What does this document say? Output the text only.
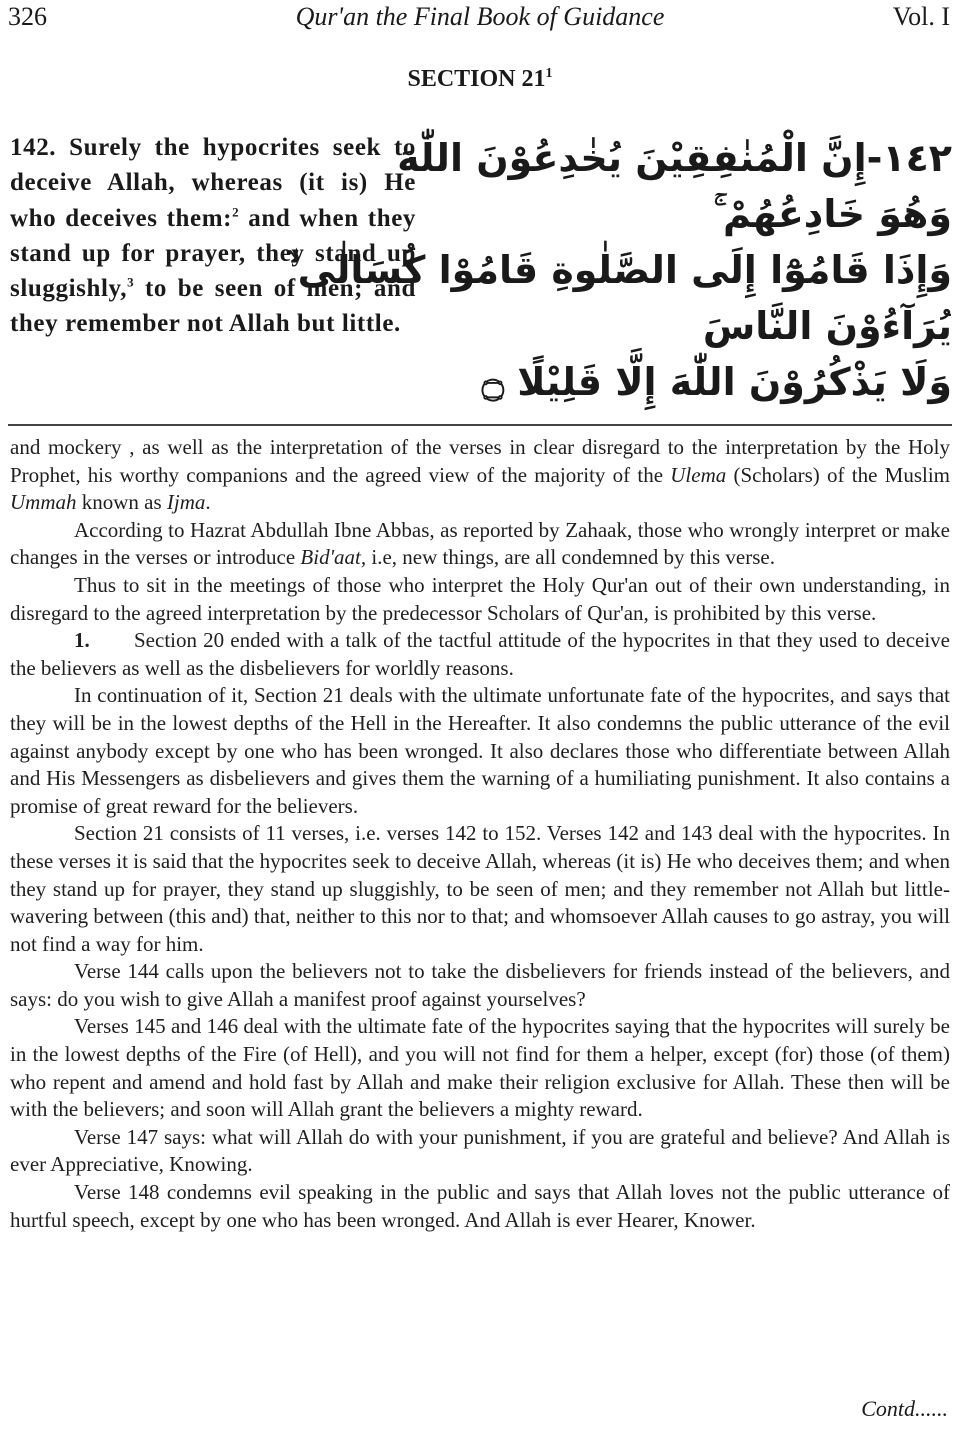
326	Qur'an the Final Book of Guidance	Vol. I
SECTION $21^1$
142. Surely the hypocrites seek to deceive Allah, whereas (it is) He who deceives them:$^2$ and when they stand up for prayer, they stand up sluggishly,$^3$ to be seen of men; and they remember not Allah but little.
١٤٢-إِنَّ الْمُنٰفِقِيْنَ يُخٰدِعُوْنَ اللّٰهَ
وَهُوَ خَادِعُهُمْ ۚ
وَإِذَا قَامُوْٓا إِلَى الصَّلٰوةِ قَامُوْا كُسَالٰى ۙ
يُرَآءُوْنَ النَّاسَ
وَلَا يَذْكُرُوْنَ اللّٰهَ إِلَّا قَلِيْلًا ۝

and mockery , as well as the interpretation of the verses in clear disregard to the interpretation by the Holy Prophet, his worthy companions and the agreed view of the majority of the Ulema (Scholars) of the Muslim Ummah known as Ijma.

According to Hazrat Abdullah Ibne Abbas, as reported by Zahaak, those who wrongly interpret or make changes in the verses or introduce Bid'aat, i.e, new things, are all condemned by this verse.

Thus to sit in the meetings of those who interpret the Holy Qur'an out of their own understanding, in disregard to the agreed interpretation by the predecessor Scholars of Qur'an, is prohibited by this verse.

1. Section 20 ended with a talk of the tactful attitude of the hypocrites in that they used to deceive the believers as well as the disbelievers for worldly reasons.

In continuation of it, Section 21 deals with the ultimate unfortunate fate of the hypocrites, and says that they will be in the lowest depths of the Hell in the Hereafter. It also condemns the public utterance of the evil against anybody except by one who has been wronged. It also declares those who differentiate between Allah and His Messengers as disbelievers and gives them the warning of a humiliating punishment. It also contains a promise of great reward for the believers.

Section 21 consists of 11 verses, i.e. verses 142 to 152. Verses 142 and 143 deal with the hypocrites. In these verses it is said that the hypocrites seek to deceive Allah, whereas (it is) He who deceives them; and when they stand up for prayer, they stand up sluggishly, to be seen of men; and they remember not Allah but little-wavering between (this and) that, neither to this nor to that; and whomsoever Allah causes to go astray, you will not find a way for him.

Verse 144 calls upon the believers not to take the disbelievers for friends instead of the believers, and says: do you wish to give Allah a manifest proof against yourselves?

Verses 145 and 146 deal with the ultimate fate of the hypocrites saying that the hypocrites will surely be in the lowest depths of the Fire (of Hell), and you will not find for them a helper, except (for) those (of them) who repent and amend and hold fast by Allah and make their religion exclusive for Allah. These then will be with the believers; and soon will Allah grant the believers a mighty reward.

Verse 147 says: what will Allah do with your punishment, if you are grateful and believe? And Allah is ever Appreciative, Knowing.

Verse 148 condemns evil speaking in the public and says that Allah loves not the public utterance of hurtful speech, except by one who has been wronged. And Allah is ever Hearer, Knower.

Contd......
